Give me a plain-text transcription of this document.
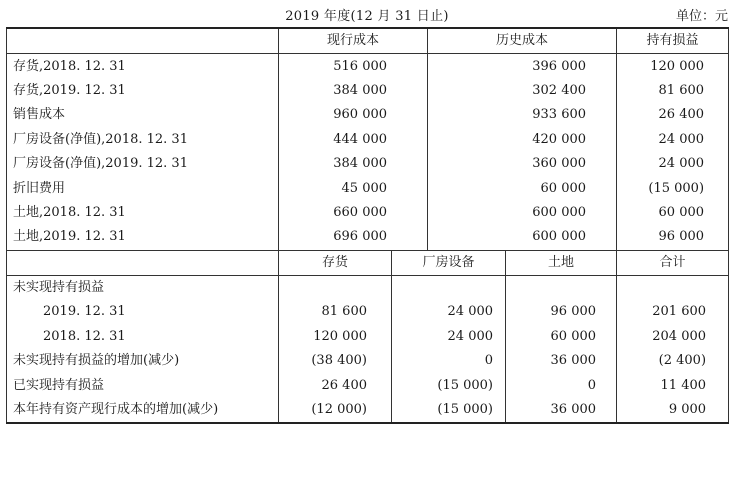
2019 年度(12 月 31 日止)	单位：元
	现行成本		历史成本		持有损益
存货,2018. 12. 31	516 000		396 000		120 000
存货,2019. 12. 31	384 000		302 400		81 600
销售成本	960 000		933 600		26 400
厂房设备(净值),2018. 12. 31	444 000		420 000		24 000
厂房设备(净值),2019. 12. 31	384 000		360 000		24 000
折旧费用	45 000		60 000		(15 000)
土地,2018. 12. 31	660 000		600 000		60 000
土地,2019. 12. 31	696 000		600 000		96 000
	存货	厂房设备		土地	合计
未实现持有损益					
2019. 12. 31	81 600	24 000		96 000	201 600
2018. 12. 31	120 000	24 000		60 000	204 000
未实现持有损益的增加(减少)	(38 400)	0		36 000	(2 400)
已实现持有损益	26 400	(15 000)		0	11 400
本年持有资产现行成本的增加(减少)	(12 000)	(15 000)		36 000	9 000
